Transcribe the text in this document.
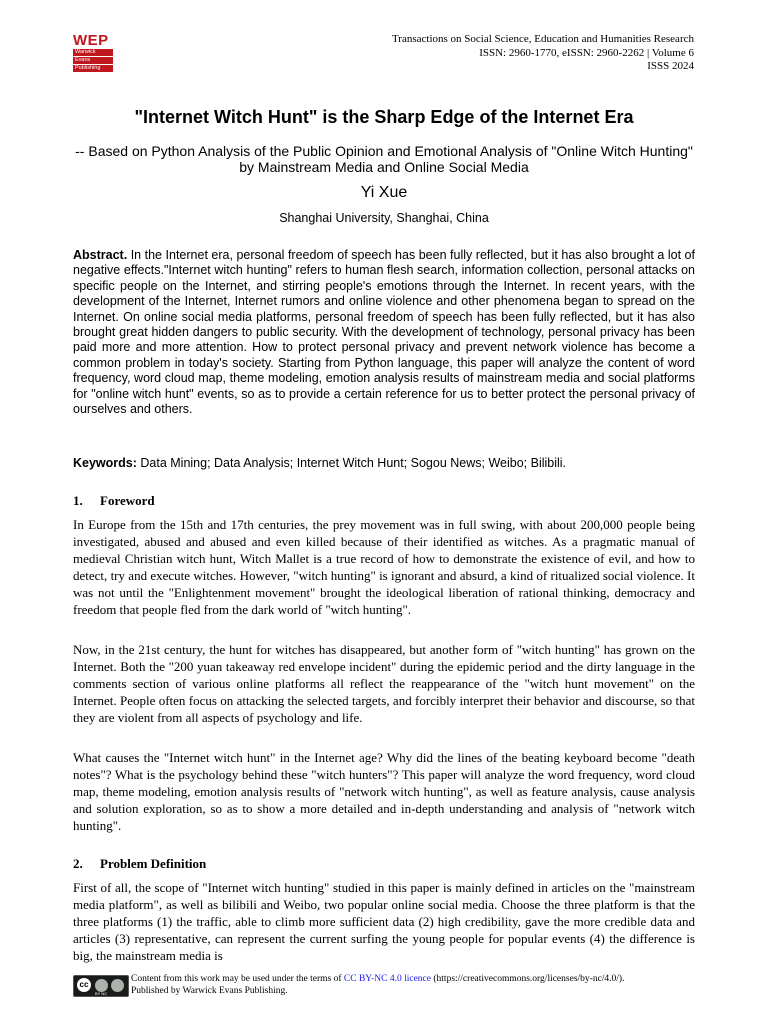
WEP
Warwick
Evans
Publishing
Transactions on Social Science, Education and Humanities Research
ISSN: 2960-1770, eISSN: 2960-2262 | Volume 6
ISSS 2024
"Internet Witch Hunt" is the Sharp Edge of the Internet Era
-- Based on Python Analysis of the Public Opinion and Emotional Analysis of "Online Witch Hunting" by Mainstream Media and Online Social Media
Yi Xue
Shanghai University, Shanghai, China
Abstract. In the Internet era, personal freedom of speech has been fully reflected, but it has also brought a lot of negative effects."Internet witch hunting" refers to human flesh search, information collection, personal attacks on specific people on the Internet, and stirring people's emotions through the Internet. In recent years, with the development of the Internet, Internet rumors and online violence and other phenomena began to spread on the Internet. On online social media platforms, personal freedom of speech has been fully reflected, but it has also brought great hidden dangers to public security. With the development of technology, personal privacy has been paid more and more attention. How to protect personal privacy and prevent network violence has become a common problem in today's society. Starting from Python language, this paper will analyze the content of word frequency, word cloud map, theme modeling, emotion analysis results of mainstream media and social platforms for "online witch hunt" events, so as to provide a certain reference for us to better protect the personal privacy of ourselves and others.
Keywords: Data Mining; Data Analysis; Internet Witch Hunt; Sogou News; Weibo; Bilibili.
1. Foreword

In Europe from the 15th and 17th centuries, the prey movement was in full swing, with about 200,000 people being investigated, abused and abused and even killed because of their identified as witches. As a pragmatic manual of medieval Christian witch hunt, Witch Mallet is a true record of how to demonstrate the existence of evil, and how to detect, try and execute witches. However, "witch hunting" is ignorant and absurd, a kind of ritualized social violence. It was not until the "Enlightenment movement" brought the ideological liberation of rational thinking, democracy and freedom that people fled from the dark world of "witch hunting".

Now, in the 21st century, the hunt for witches has disappeared, but another form of "witch hunting" has grown on the Internet. Both the "200 yuan takeaway red envelope incident" during the epidemic period and the dirty language in the comments section of various online platforms all reflect the reappearance of the "witch hunt movement" on the Internet. People often focus on attacking the selected targets, and forcibly interpret their behavior and discourse, so that they are violent from all aspects of psychology and life.

What causes the "Internet witch hunt" in the Internet age? Why did the lines of the beating keyboard become "death notes"? What is the psychology behind these "witch hunters"? This paper will analyze the word frequency, word cloud map, theme modeling, emotion analysis results of "network witch hunting", as well as feature analysis, cause analysis and solution exploration, so as to show a more detailed and in-depth understanding and analysis of "network witch hunting".

2. Problem Definition

First of all, the scope of "Internet witch hunting" studied in this paper is mainly defined in articles on the "mainstream media platform", as well as bilibili and Weibo, two popular online social media. Choose the three platform is that the three platforms (1) the traffic, able to climb more sufficient data (2) high credibility, gave the more credible data and articles (3) representative, can represent the current surfing the young people for popular events (4) the difference is big, the mainstream media is

cc
BY NC
Content from this work may be used under the terms of CC BY-NC 4.0 licence (https://creativecommons.org/licenses/by-nc/4.0/).
Published by Warwick Evans Publishing.
